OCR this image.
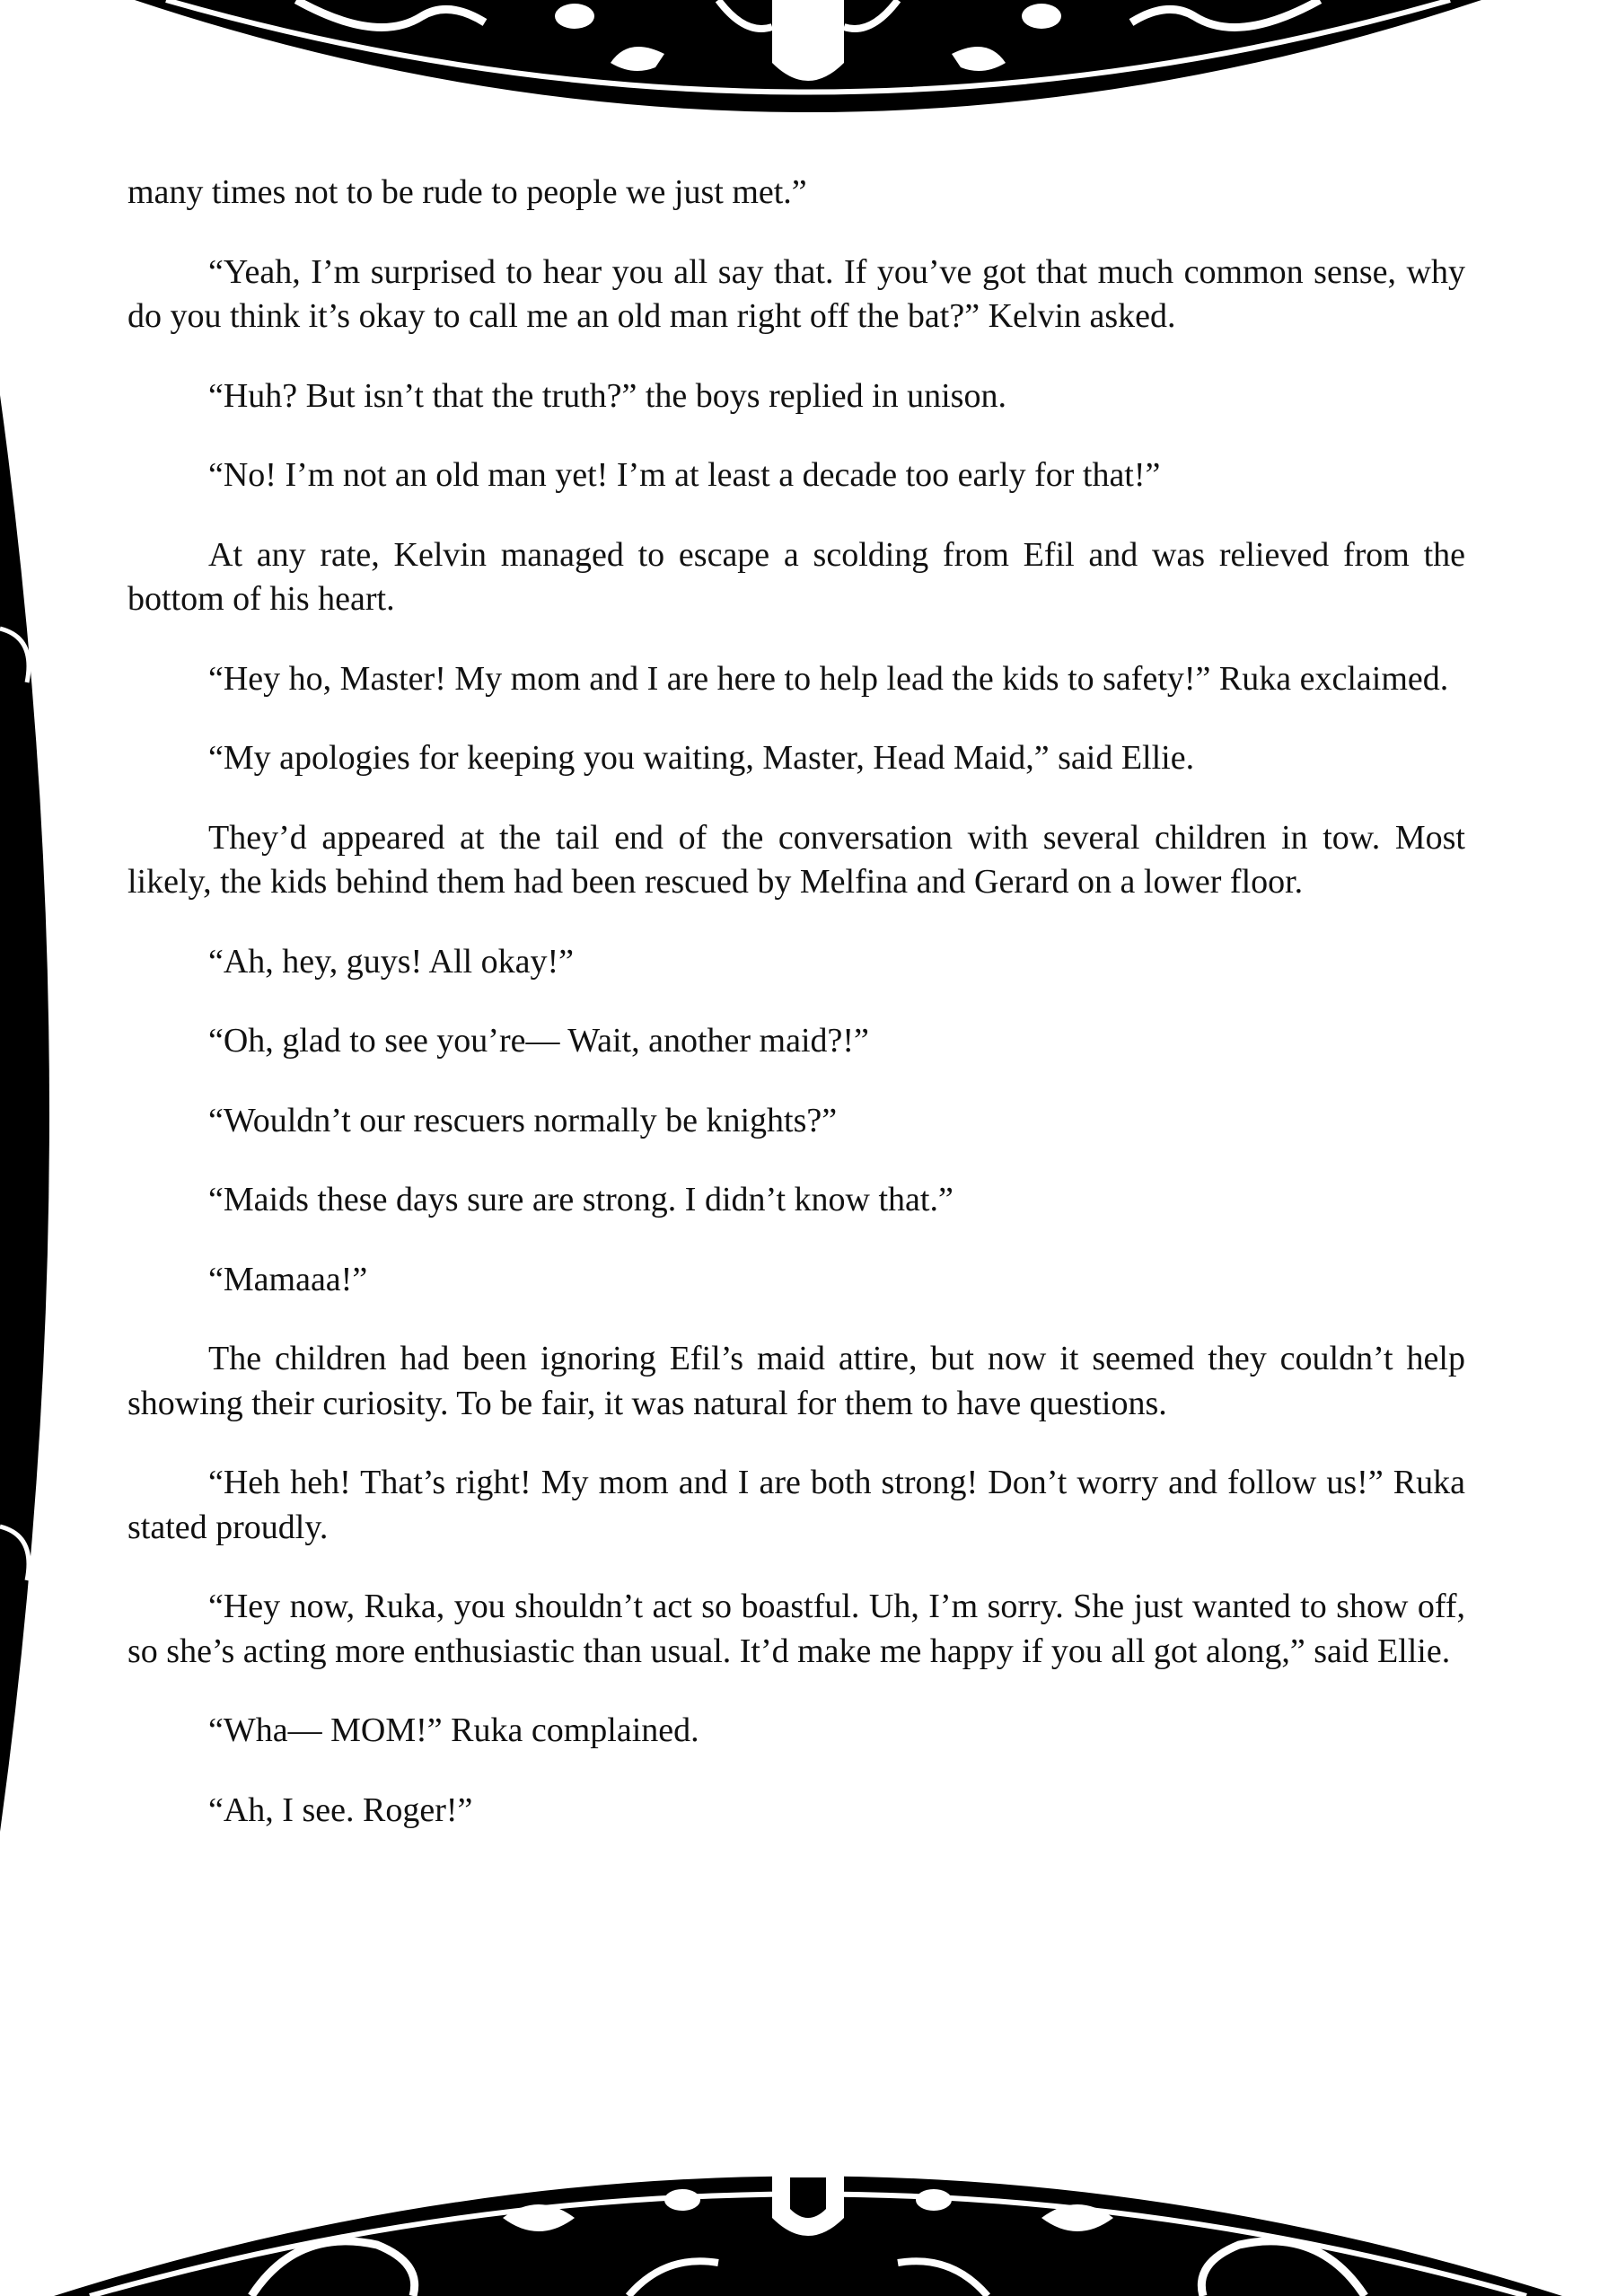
many times not to be rude to people we just met.”

“Yeah, I’m surprised to hear you all say that. If you’ve got that much common sense, why do you think it’s okay to call me an old man right off the bat?” Kelvin asked.

“Huh? But isn’t that the truth?” the boys replied in unison.

“No! I’m not an old man yet! I’m at least a decade too early for that!”

At any rate, Kelvin managed to escape a scolding from Efil and was relieved from the bottom of his heart.

“Hey ho, Master! My mom and I are here to help lead the kids to safety!” Ruka exclaimed.

“My apologies for keeping you waiting, Master, Head Maid,” said Ellie.

They’d appeared at the tail end of the conversation with several children in tow. Most likely, the kids behind them had been rescued by Melfina and Gerard on a lower floor.

“Ah, hey, guys! All okay!”

“Oh, glad to see you’re— Wait, another maid?!”

“Wouldn’t our rescuers normally be knights?”

“Maids these days sure are strong. I didn’t know that.”

“Mamaaa!”

The children had been ignoring Efil’s maid attire, but now it seemed they couldn’t help showing their curiosity. To be fair, it was natural for them to have questions.

“Heh heh! That’s right! My mom and I are both strong! Don’t worry and follow us!” Ruka stated proudly.

“Hey now, Ruka, you shouldn’t act so boastful. Uh, I’m sorry. She just wanted to show off, so she’s acting more enthusiastic than usual. It’d make me happy if you all got along,” said Ellie.

“Wha— MOM!” Ruka complained.

“Ah, I see. Roger!”
